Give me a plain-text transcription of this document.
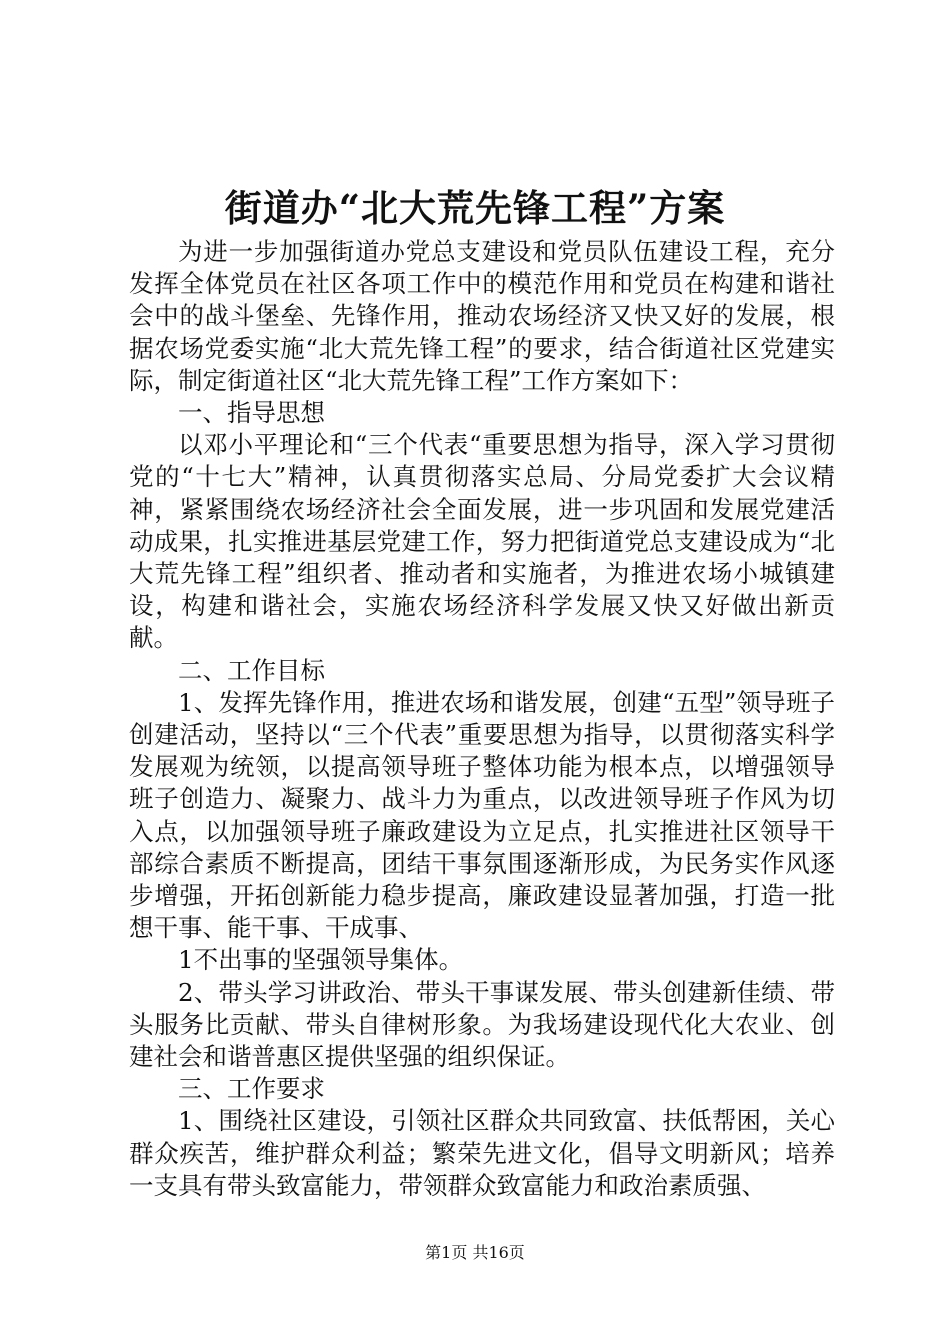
街道办“北大荒先锋工程”方案

为进一步加强街道办党总支建设和党员队伍建设工程，充分发挥全体党员在社区各项工作中的模范作用和党员在构建和谐社会中的战斗堡垒、先锋作用，推动农场经济又快又好的发展，根据农场党委实施“北大荒先锋工程”的要求，结合街道社区党建实际，制定街道社区“北大荒先锋工程”工作方案如下：

一、指导思想

以邓小平理论和“三个代表“重要思想为指导，深入学习贯彻党的“十七大”精神，认真贯彻落实总局、分局党委扩大会议精神，紧紧围绕农场经济社会全面发展，进一步巩固和发展党建活动成果，扎实推进基层党建工作，努力把街道党总支建设成为“北大荒先锋工程”组织者、推动者和实施者，为推进农场小城镇建设，构建和谐社会，实施农场经济科学发展又快又好做出新贡献。

二、工作目标

1、发挥先锋作用，推进农场和谐发展，创建“五型”领导班子创建活动，坚持以“三个代表”重要思想为指导，以贯彻落实科学发展观为统领，以提高领导班子整体功能为根本点，以增强领导班子创造力、凝聚力、战斗力为重点，以改进领导班子作风为切入点，以加强领导班子廉政建设为立足点，扎实推进社区领导干部综合素质不断提高，团结干事氛围逐渐形成，为民务实作风逐步增强，开拓创新能力稳步提高，廉政建设显著加强，打造一批想干事、能干事、干成事、

1不出事的坚强领导集体。

2、带头学习讲政治、带头干事谋发展、带头创建新佳绩、带头服务比贡献、带头自律树形象。为我场建设现代化大农业、创建社会和谐普惠区提供坚强的组织保证。

三、工作要求

1、围绕社区建设，引领社区群众共同致富、扶低帮困，关心群众疾苦，维护群众利益；繁荣先进文化，倡导文明新风；培养一支具有带头致富能力，带领群众致富能力和政治素质强、

第1页 共16页
